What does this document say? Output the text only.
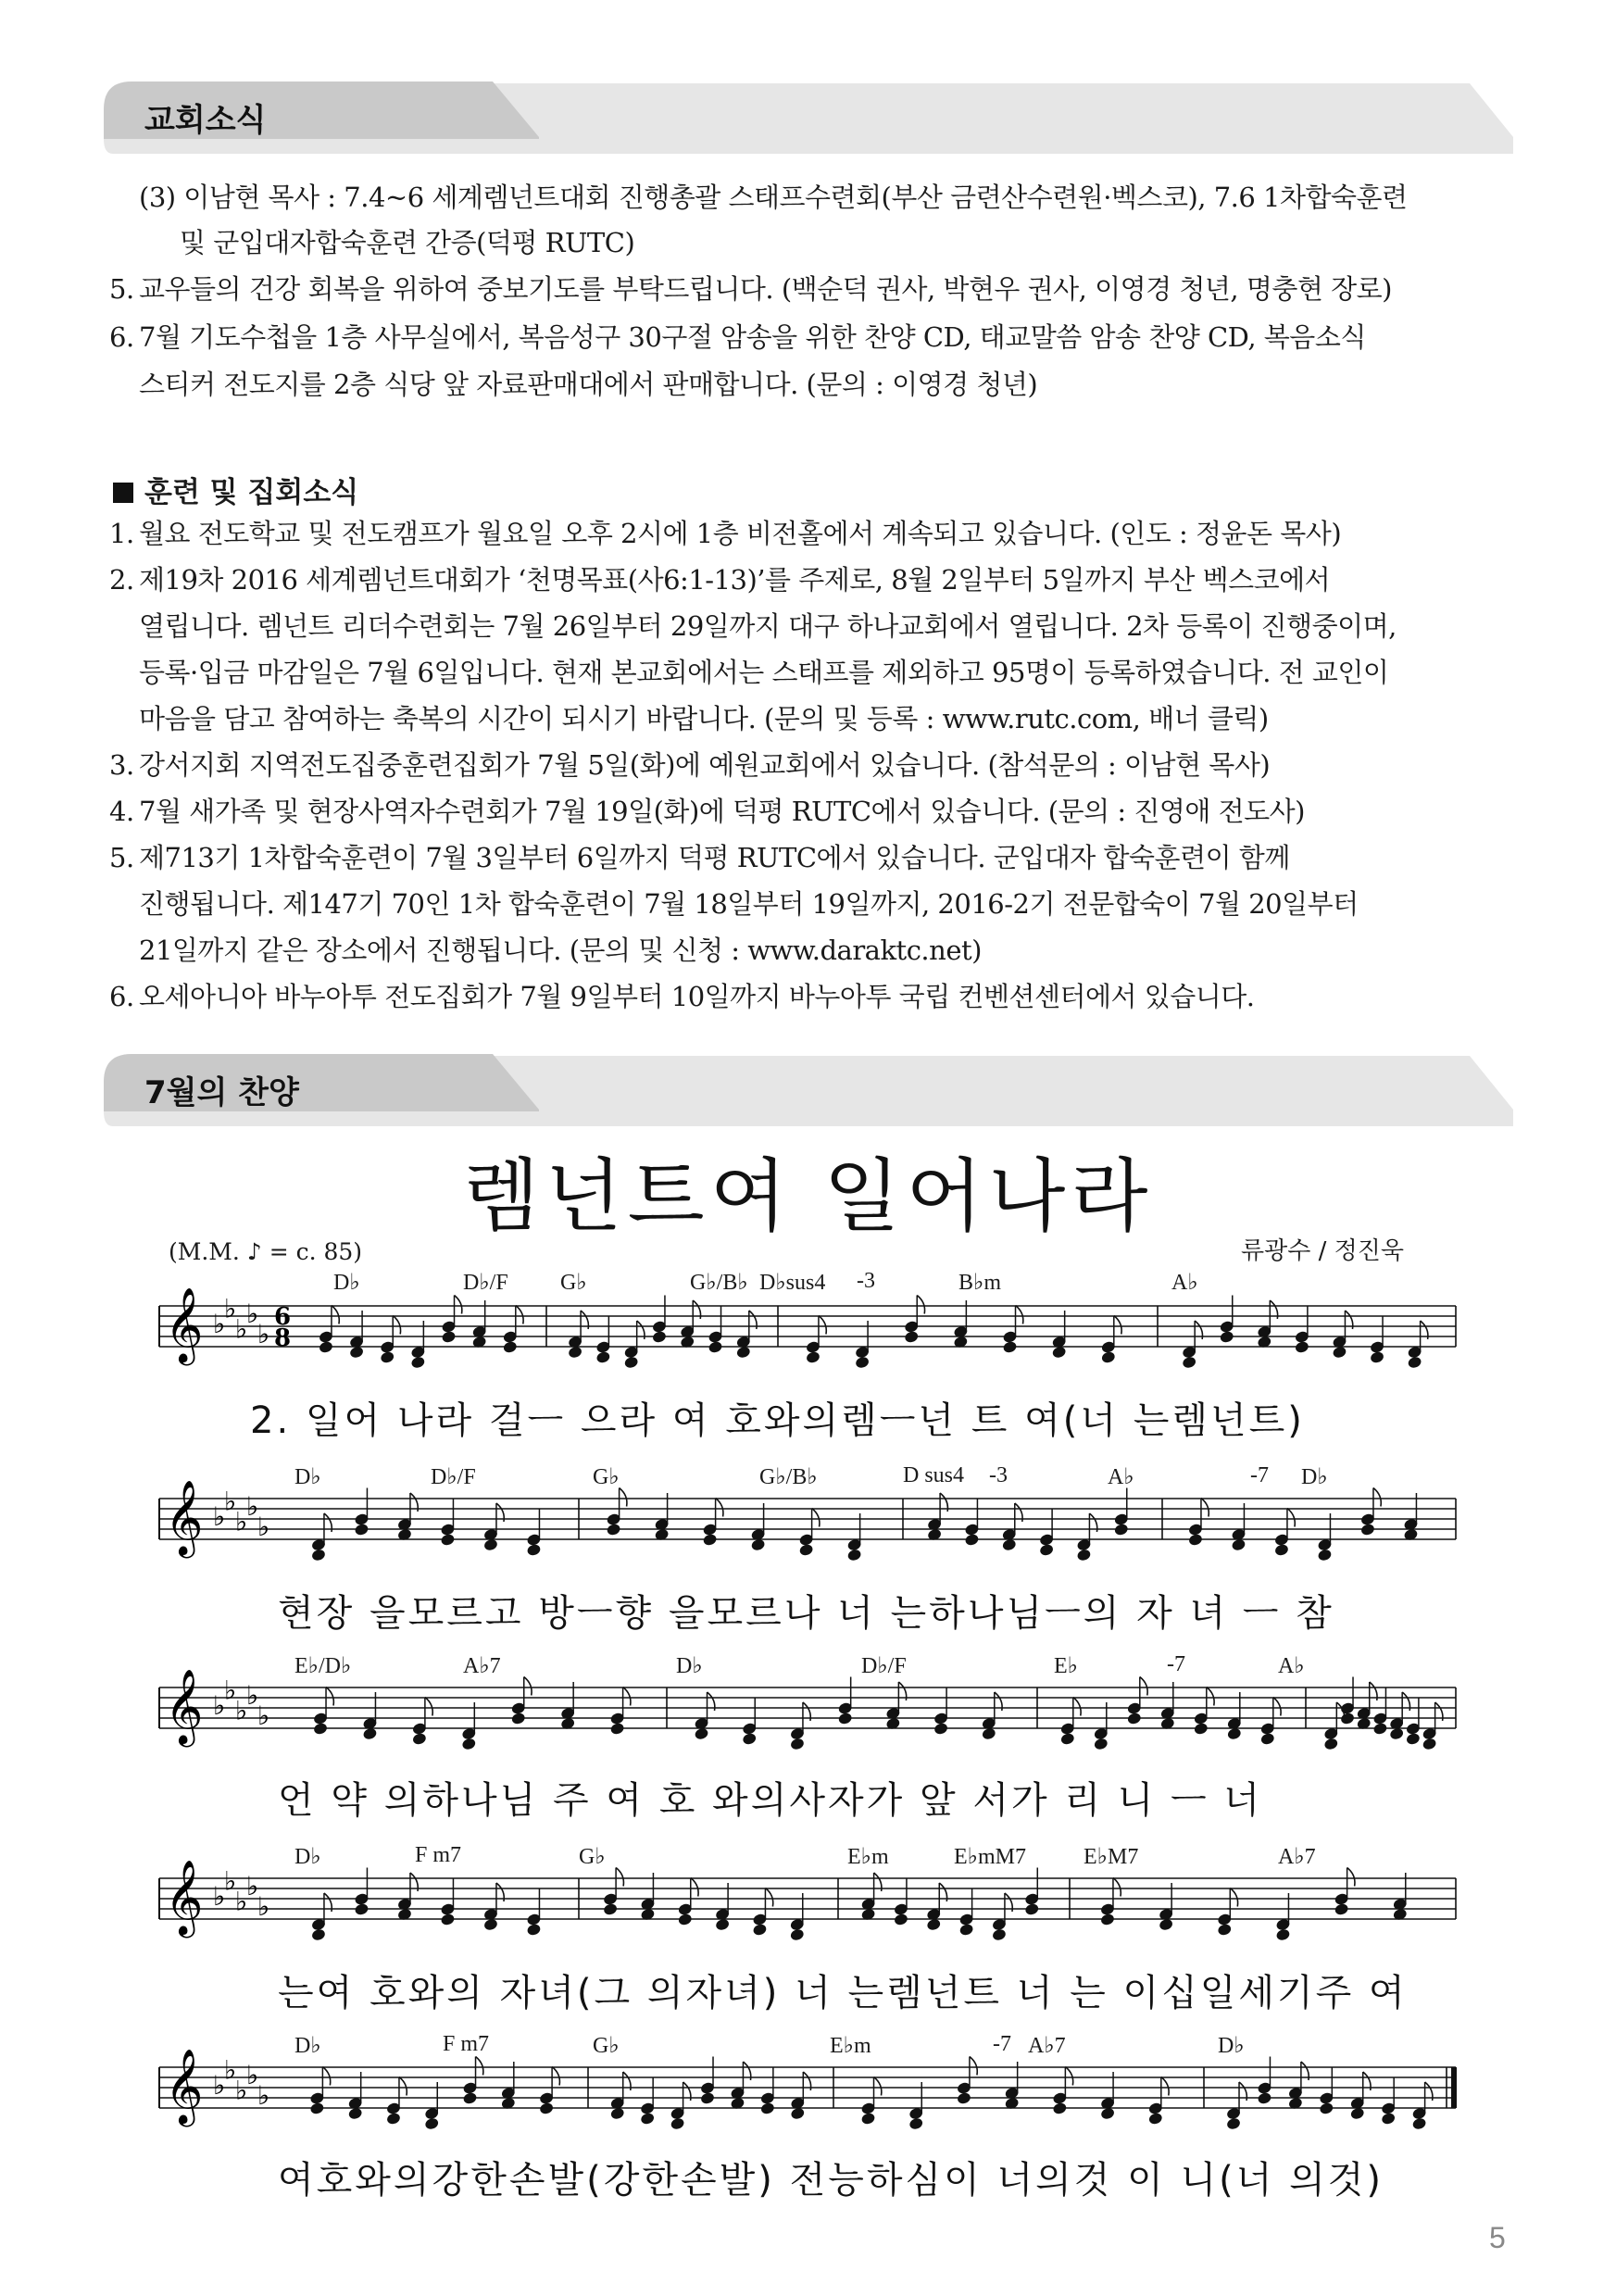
교회소식
(3) 이남현 목사 : 7.4~6 세계렘넌트대회 진행총괄 스태프수련회(부산 금련산수련원·벡스코), 7.6 1차합숙훈련
및 군입대자합숙훈련 간증(덕평 RUTC)
5. 교우들의 건강 회복을 위하여 중보기도를 부탁드립니다. (백순덕 권사, 박현우 권사, 이영경 청년, 명충현 장로)
6. 7월 기도수첩을 1층 사무실에서, 복음성구 30구절 암송을 위한 찬양 CD, 태교말씀 암송 찬양 CD, 복음소식
스티커 전도지를 2층 식당 앞 자료판매대에서 판매합니다. (문의 : 이영경 청년)
훈련 및 집회소식
1. 월요 전도학교 및 전도캠프가 월요일 오후 2시에 1층 비전홀에서 계속되고 있습니다. (인도 : 정윤돈 목사)
2. 제19차 2016 세계렘넌트대회가 ‘천명목표(사6:1-13)’를 주제로, 8월 2일부터 5일까지 부산 벡스코에서
열립니다. 렘넌트 리더수련회는 7월 26일부터 29일까지 대구 하나교회에서 열립니다. 2차 등록이 진행중이며,
등록·입금 마감일은 7월 6일입니다. 현재 본교회에서는 스태프를 제외하고 95명이 등록하였습니다. 전 교인이
마음을 담고 참여하는 축복의 시간이 되시기 바랍니다. (문의 및 등록 : www.rutc.com, 배너 클릭)
3. 강서지회 지역전도집중훈련집회가 7월 5일(화)에 예원교회에서 있습니다. (참석문의 : 이남현 목사)
4. 7월 새가족 및 현장사역자수련회가 7월 19일(화)에 덕평 RUTC에서 있습니다. (문의 : 진영애 전도사)
5. 제713기 1차합숙훈련이 7월 3일부터 6일까지 덕평 RUTC에서 있습니다. 군입대자 합숙훈련이 함께
진행됩니다. 제147기 70인 1차 합숙훈련이 7월 18일부터 19일까지, 2016-2기 전문합숙이 7월 20일부터
21일까지 같은 장소에서 진행됩니다. (문의 및 신청 : www.daraktc.net)
6. 오세아니아 바누아투 전도집회가 7월 9일부터 10일까지 바누아투 국립 컨벤션센터에서 있습니다.
7월의 찬양
렘넌트여 일어나라
(M.M. ♪ = c. 85)	류광수 / 정진욱
𝄞 ♭
♭
♭
♭
♭
6
8
𝄞 ♭
♭
♭
♭
♭
𝄞 ♭
♭
♭
♭
♭
𝄞 ♭
♭
♭
♭
♭
𝄞 ♭
♭
♭
♭
♭
D♭	D♭/F G♭	G♭/B♭ D♭sus4 -3	B♭m	A♭
2. 일어 나라 걸ㅡ 으라 여 호와의렘ㅡ넌 트 여(너 는렘넌트)
D♭	D♭/F	G♭	G♭/B♭	D sus4 -3	A♭	-7 D♭
현장 을모르고 방ㅡ향 을모르나 너 는하나님ㅡ의 자 녀 ㅡ 참
E♭/D♭	A♭7	D♭	D♭/F	E♭	-7	A♭
언 약 의하나님 주 여 호 와의사자가 앞 서가 리 니 ㅡ 너
D♭	F m7	G♭	E♭m	E♭mM7	E♭M7	A♭7
는여 호와의 자녀(그 의자녀) 너 는렘넌트 너 는 이십일세기주 여
D♭	F m7	G♭	E♭m	-7 A♭7	D♭
여호와의강한손발(강한손발) 전능하심이 너의것 이 니(너 의것)
5
